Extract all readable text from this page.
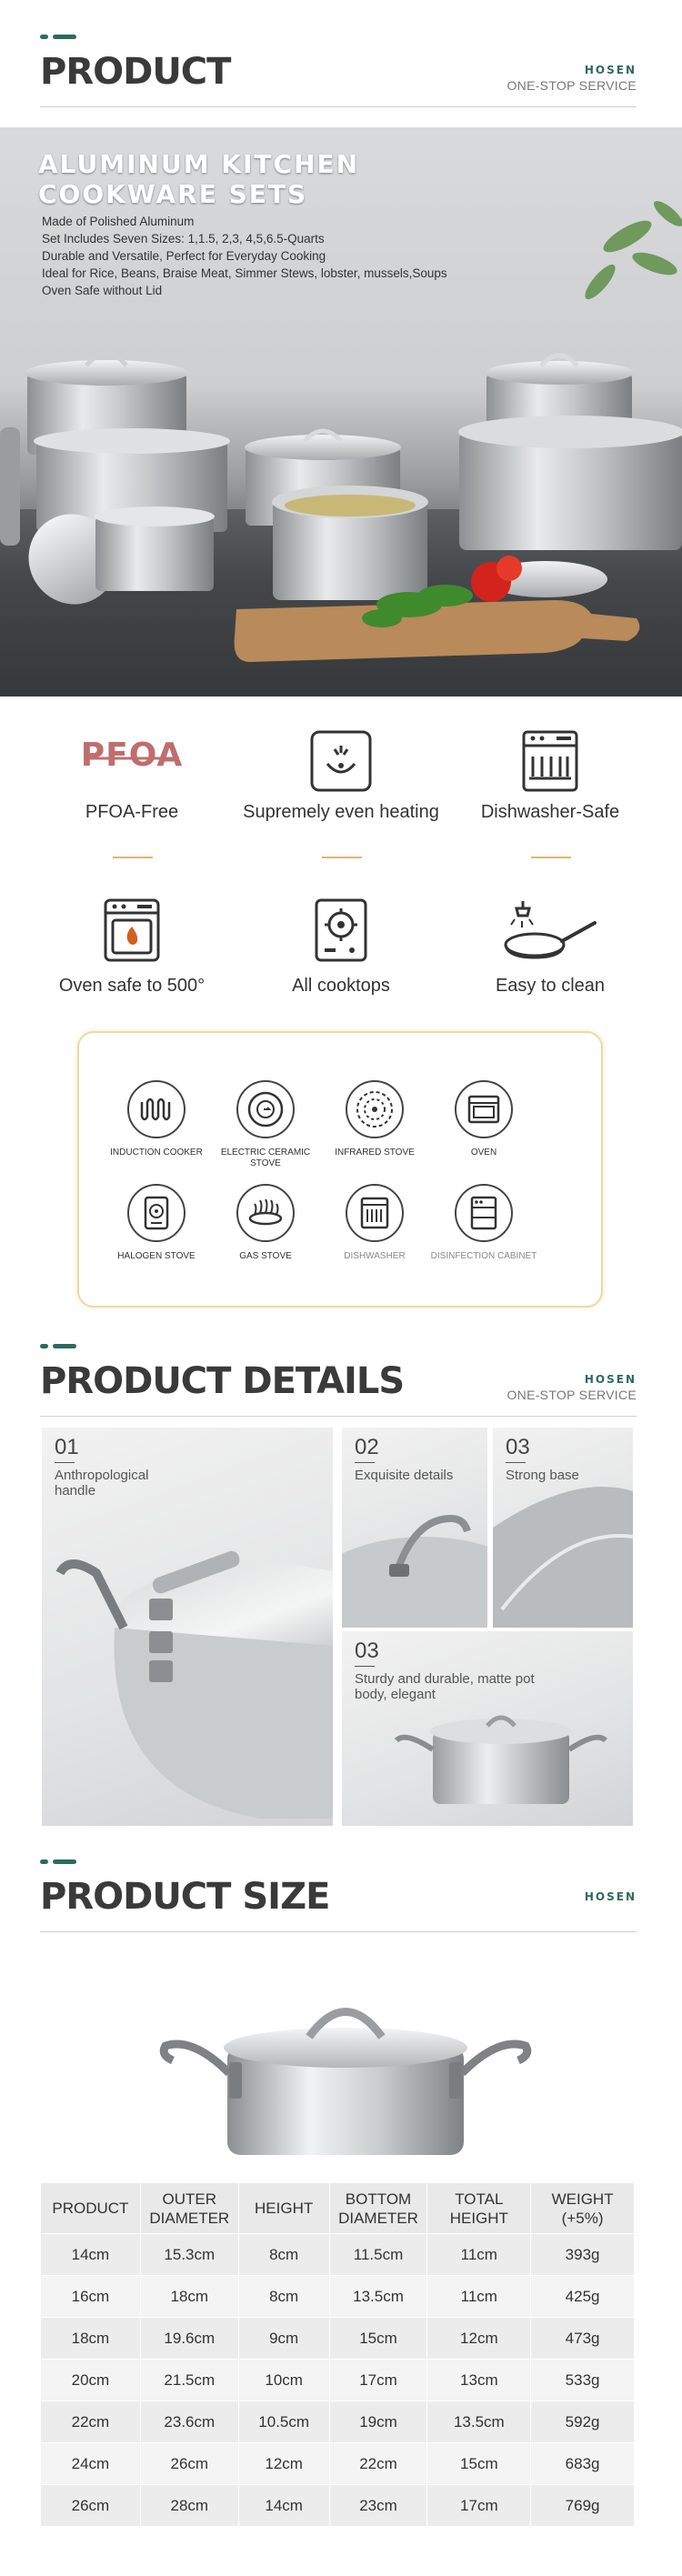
PRODUCT	HOSEN
ONE-STOP SERVICE
ALUMINUM KITCHEN
COOKWARE SETS
Made of Polished Aluminum
Set Includes Seven Sizes: 1,1.5, 2,3, 4,5,6.5-Quarts
Durable and Versatile, Perfect for Everyday Cooking
Ideal for Rice, Beans, Braise Meat, Simmer Stews, lobster, mussels,Soups
Oven Safe without Lid
PFOA
PFOA-Free	Supremely even heating	Dishwasher-Safe
Oven safe to 500°	All cooktops	Easy to clean
INDUCTION COOKER	ELECTRIC CERAMIC STOVE
INFRARED STOVE	OVEN
HALOGEN STOVE	GAS STOVE	DISHWASHER	DISINFECTION CABINET
PRODUCT DETAILS	HOSEN
ONE-STOP SERVICE
01
Anthropological handle
02
Exquisite details
03
Strong base
03
Sturdy and durable, matte pot body, elegant
PRODUCT SIZE	HOSEN
PRODUCT	OUTER DIAMETER	HEIGHT	BOTTOM DIAMETER	TOTAL HEIGHT	WEIGHT (+5%)
14cm	15.3cm	8cm	11.5cm	11cm	393g
16cm	18cm	8cm	13.5cm	11cm	425g
18cm	19.6cm	9cm	15cm	12cm	473g
20cm	21.5cm	10cm	17cm	13cm	533g
22cm	23.6cm	10.5cm	19cm	13.5cm	592g
24cm	26cm	12cm	22cm	15cm	683g
26cm	28cm	14cm	23cm	17cm	769g
